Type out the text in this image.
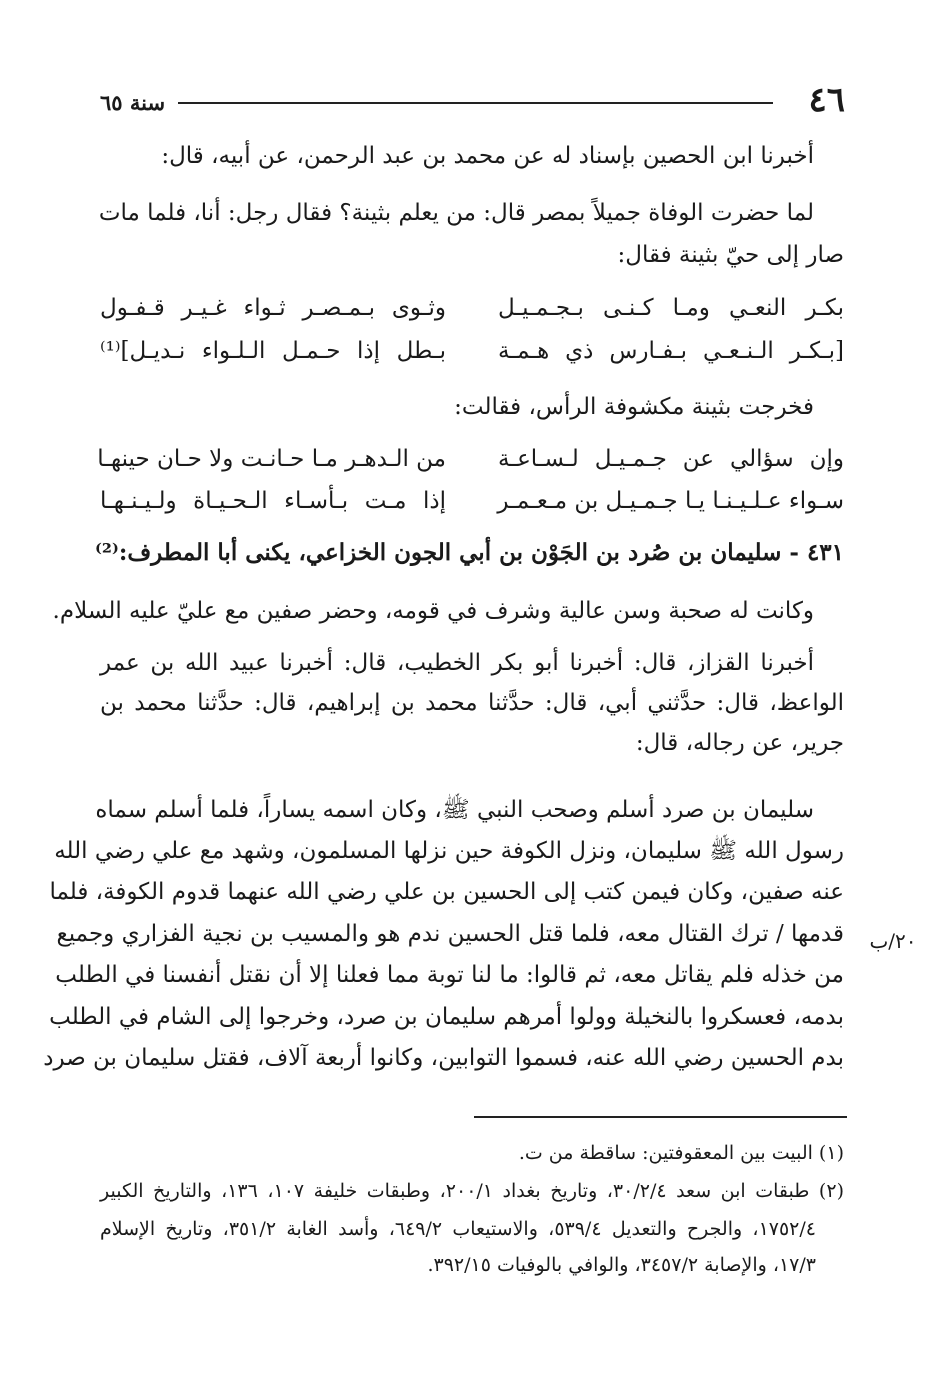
٤٦
سنة ٦٥
أخبرنا ابن الحصين بإسناد له عن محمد بن عبد الرحمن، عن أبيه، قال:
لما حضرت الوفاة جميلاً بمصر قال: من يعلم بثينة؟ فقال رجل: أنا، فلما مات
صار إلى حيّ بثينة فقال:
بكـر النعـي ومـا كـنـى بـجـمـيـل
وثـوى بـمـصـر ثـواء غـيـر قـفـول
[بـكـر الـنـعـي بـفـارس ذي هـمـة
بـطل إذا حـمـل الـلـواء نـديـل]⁽¹⁾
فخرجت بثينة مكشوفة الرأس، فقالت:
وإن سؤالي عن جـمـيـل لـسـاعـة
من الـدهـر مـا حـانـت ولا حـان حينهـا
سـواء عـلـيـنـا يـا جـمـيـل بن مـعـمـر
إذا مـت بـأسـاء الـحـيـاة ولـيـنـهـا
٤٣١ - سليمان بن صُرد بن الجَوْن بن أبي الجون الخزاعي، يكنى أبا المطرف:⁽²⁾
وكانت له صحبة وسن عالية وشرف في قومه، وحضر صفين مع عليّ عليه السلام.
أخبرنا القزاز، قال: أخبرنا أبو بكر الخطيب، قال: أخبرنا عبيد الله بن عمر
الواعظ، قال: حدَّثني أبي، قال: حدَّثنا محمد بن إبراهيم، قال: حدَّثنا محمد بن
جرير، عن رجاله، قال:
سليمان بن صرد أسلم وصحب النبي ﷺ، وكان اسمه يساراً، فلما أسلم سماه
رسول الله ﷺ سليمان، ونزل الكوفة حين نزلها المسلمون، وشهد مع علي رضي الله
عنه صفين، وكان فيمن كتب إلى الحسين بن علي رضي الله عنهما قدوم الكوفة، فلما
قدمها / ترك القتال معه، فلما قتل الحسين ندم هو والمسيب بن نجية الفزاري وجميع
من خذله فلم يقاتل معه، ثم قالوا: ما لنا توبة مما فعلنا إلا أن نقتل أنفسنا في الطلب
بدمه، فعسكروا بالنخيلة وولوا أمرهم سليمان بن صرد، وخرجوا إلى الشام في الطلب
بدم الحسين رضي الله عنه، فسموا التوابين، وكانوا أربعة آلاف، فقتل سليمان بن صرد
٢٠/ب
(١) البيت بين المعقوفتين: ساقطة من ت.
(٢) طبقات ابن سعد ٣٠/٢/٤، وتاريخ بغداد ٢٠٠/١، وطبقات خليفة ١٠٧، ١٣٦، والتاريخ الكبير
١٧٥٢/٤، والجرح والتعديل ٥٣٩/٤، والاستيعاب ٦٤٩/٢، وأسد الغابة ٣٥١/٢، وتاريخ الإسلام
١٧/٣، والإصابة ٣٤٥٧/٢، والوافي بالوفيات ٣٩٢/١٥.
